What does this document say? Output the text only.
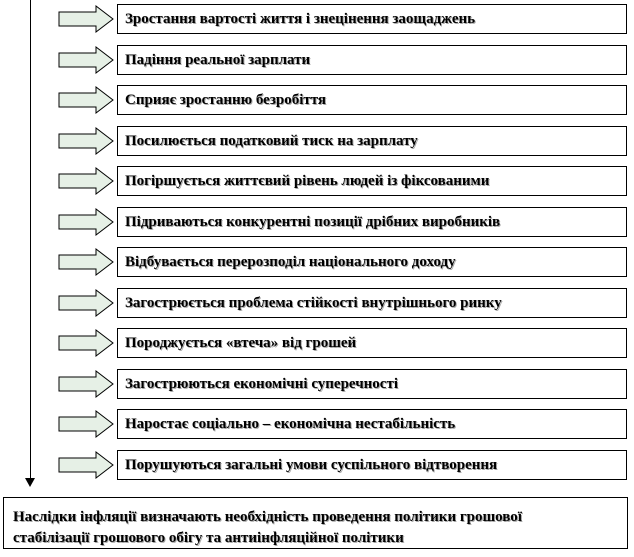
Зростання вартості життя і знецінення заощаджень
Падіння реальної зарплати
Сприяє зростанню безробіття
Посилюється податковий тиск на зарплату
Погіршується життєвий рівень людей із фіксованими
Підриваються конкурентні позиції дрібних виробників
Відбувається перерозподіл національного доходу
Загострюється проблема стійкості внутрішнього ринку
Породжується «втеча» від грошей
Загострюються економічні суперечності
Наростає соціально – економічна нестабільність
Порушуються загальні умови суспільного відтворення
Наслідки інфляції визначають необхідність проведення політики грошової
стабілізації грошового обігу та антиінфляційної політики
